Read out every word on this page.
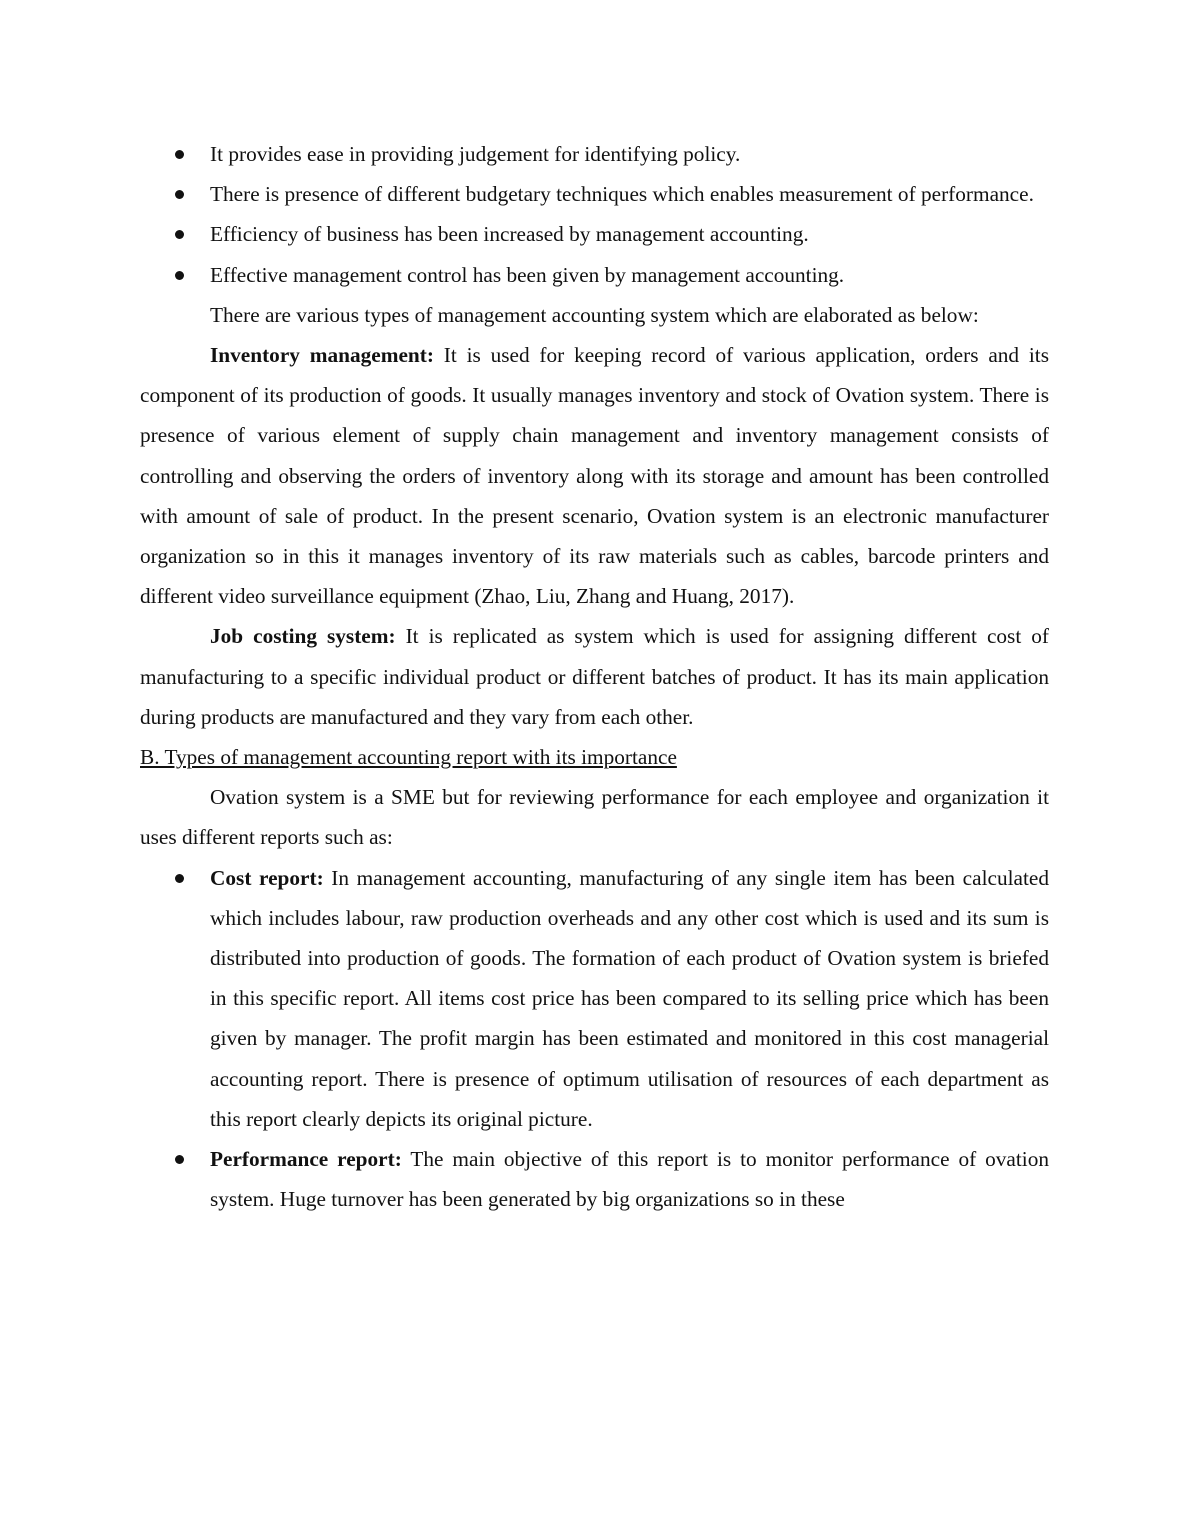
It provides ease in providing judgement for identifying policy.
There is presence of different budgetary techniques which enables measurement of performance.
Efficiency of business has been increased by management accounting.
Effective management control has been given by management accounting.

There are various types of management accounting system which are elaborated as below:

Inventory management: It is used for keeping record of various application, orders and its component of its production of goods. It usually manages inventory and stock of Ovation system. There is presence of various element of supply chain management and inventory management consists of controlling and observing the orders of inventory along with its storage and amount has been controlled with amount of sale of product. In the present scenario, Ovation system is an electronic manufacturer organization so in this it manages inventory of its raw materials such as cables, barcode printers and different video surveillance equipment (Zhao, Liu, Zhang and Huang, 2017).

Job costing system: It is replicated as system which is used for assigning different cost of manufacturing to a specific individual product or different batches of product. It has its main application during products are manufactured and they vary from each other.

B. Types of management accounting report with its importance

Ovation system is a SME but for reviewing performance for each employee and organization it uses different reports such as:

Cost report: In management accounting, manufacturing of any single item has been calculated which includes labour, raw production overheads and any other cost which is used and its sum is distributed into production of goods. The formation of each product of Ovation system is briefed in this specific report. All items cost price has been compared to its selling price which has been given by manager. The profit margin has been estimated and monitored in this cost managerial accounting report. There is presence of optimum utilisation of resources of each department as this report clearly depicts its original picture.
Performance report: The main objective of this report is to monitor performance of ovation system. Huge turnover has been generated by big organizations so in these
